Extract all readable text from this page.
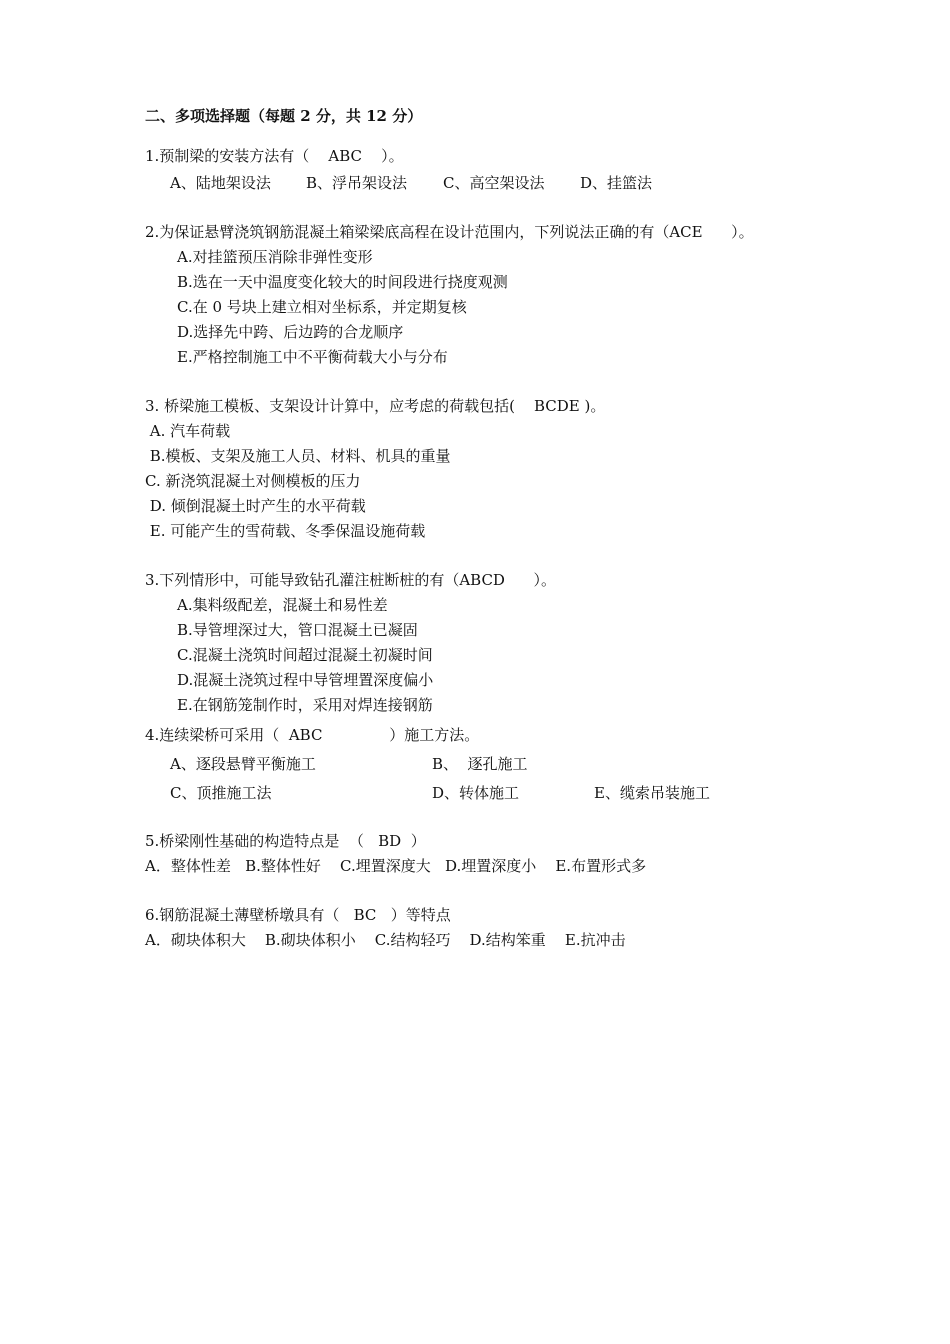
二、多项选择题（每题 2 分，共 12 分）
1.预制梁的安装方法有（    ABC    ）。
A、陆地架设法 B、浮吊架设法 C、高空架设法 D、挂篮法
2.为保证悬臂浇筑钢筋混凝土箱梁梁底高程在设计范围内，下列说法正确的有（ACE      ）。
A.对挂篮预压消除非弹性变形
B.选在一天中温度变化较大的时间段进行挠度观测
C.在 0 号块上建立相对坐标系，并定期复核
D.选择先中跨、后边跨的合龙顺序
E.严格控制施工中不平衡荷载大小与分布
3. 桥梁施工模板、支架设计计算中，应考虑的荷载包括(    BCDE )。
A. 汽车荷载
B.模板、支架及施工人员、材料、机具的重量
C. 新浇筑混凝土对侧模板的压力
D. 倾倒混凝土时产生的水平荷载
E. 可能产生的雪荷载、冬季保温设施荷载
3.下列情形中，可能导致钻孔灌注桩断桩的有（ABCD      ）。
A.集料级配差，混凝土和易性差
B.导管埋深过大，管口混凝土已凝固
C.混凝土浇筑时间超过混凝土初凝时间
D.混凝土浇筑过程中导管埋置深度偏小
E.在钢筋笼制作时，采用对焊连接钢筋
4.连续梁桥可采用（  ABC              ）施工方法。
A、逐段悬臂平衡施工	B、  逐孔施工
C、顶推施工法	D、转体施工	E、缆索吊装施工
5.桥梁刚性基础的构造特点是  （   BD  ）
A．整体性差   B.整体性好    C.埋置深度大   D.埋置深度小    E.布置形式多
6.钢筋混凝土薄壁桥墩具有（   BC   ）等特点
A．砌块体积大    B.砌块体积小    C.结构轻巧    D.结构笨重    E.抗冲击
